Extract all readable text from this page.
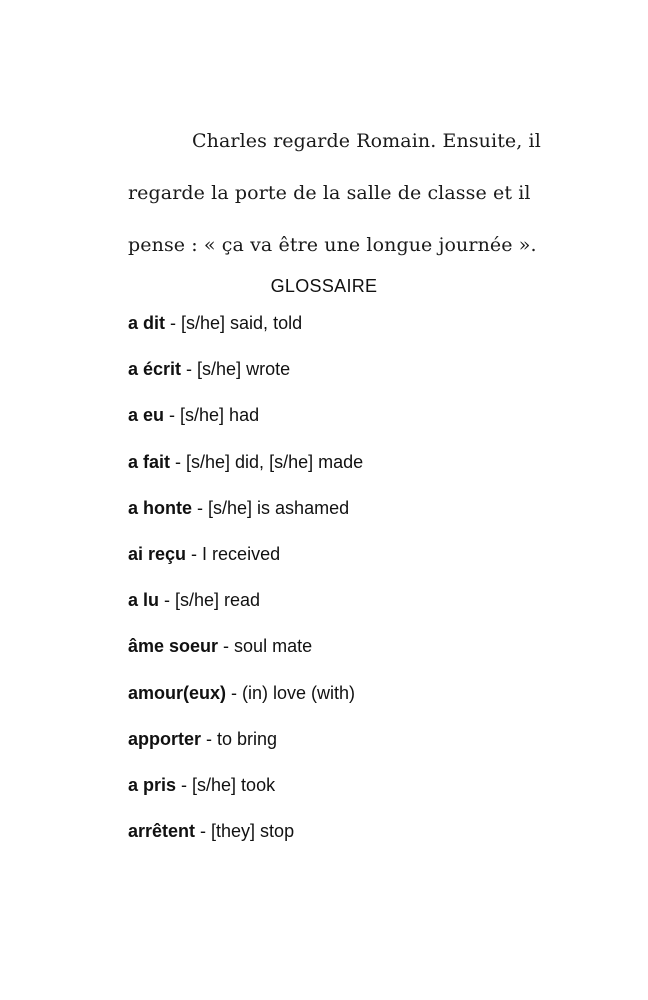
Charles regarde Romain. Ensuite, il
regarde la porte de la salle de classe et il
pense : « ça va être une longue journée ».
GLOSSAIRE
a dit - [s/he] said, told
a écrit - [s/he] wrote
a eu - [s/he] had
a fait - [s/he] did, [s/he] made
a honte - [s/he] is ashamed
ai reçu - I received
a lu - [s/he] read
âme soeur - soul mate
amour(eux) - (in) love (with)
apporter - to bring
a pris - [s/he] took
arrêtent - [they] stop
